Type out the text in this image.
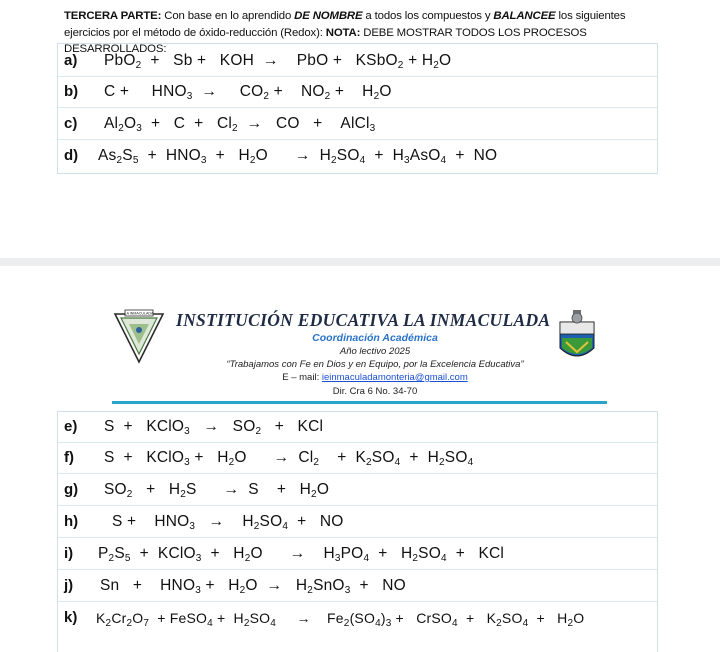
TERCERA PARTE: Con base en lo aprendido DE NOMBRE a todos los compuestos y BALANCEE los siguientes ejercicios por el método de óxido-reducción (Redox): NOTA: DEBE MOSTRAR TODOS LOS PROCESOS DESARROLLADOS:
a) PbO$_2$  +   Sb +   KOH  →    PbO +   KSbO$_2$ + $H_2O$
b) C +     $HNO_3$  →     $CO_2$ +    $NO_2$ +    $H_2O$
c) $Al_2O_3 + C + Cl_2$  →   CO   +    AlCl$_3$
d) $As_2S_5 + HNO_3 + H_2O$      →  $H_2SO_4 + H_3AsO_4$  +  NO
LA INMACULADA INSTITUCIÓN EDUCATIVA LA INMACULADA
Coordinación Académica
Año lectivo 2025
“Trabajamos con Fe en Dios y en Equipo, por la Excelencia Educativa”
E – mail: ieinmaculadamonteria@gmail.com
Dir. Cra 6 No. 34-70
e) S  +   KClO$_3$   →   $SO_2$   +   KCl
f) S  +   KClO$_3$ +   $H_2O$      →  $Cl_2$    +  $K_2SO_4 + H_2SO_4$
g) $SO_2 + H_2S$      →  S    +   $H_2O$
h) S +    $HNO_3$   →    $H_2SO_4$  +   NO
i) $P_2S_5$  +  KClO$_3$  +   $H_2O$      →    $H_3PO_4 + H_2SO_4$  +   KCl
j) Sn   +    $HNO_3 + H_2O \to H_2SnO_3$  +   NO
k) $K_2Cr_2O_7$  + FeSO$_4$ +  $H_2SO_4$     →    $Fe_2(SO_4)_3$ +   CrSO$_4$  +   $K_2SO_4 + H_2O$
